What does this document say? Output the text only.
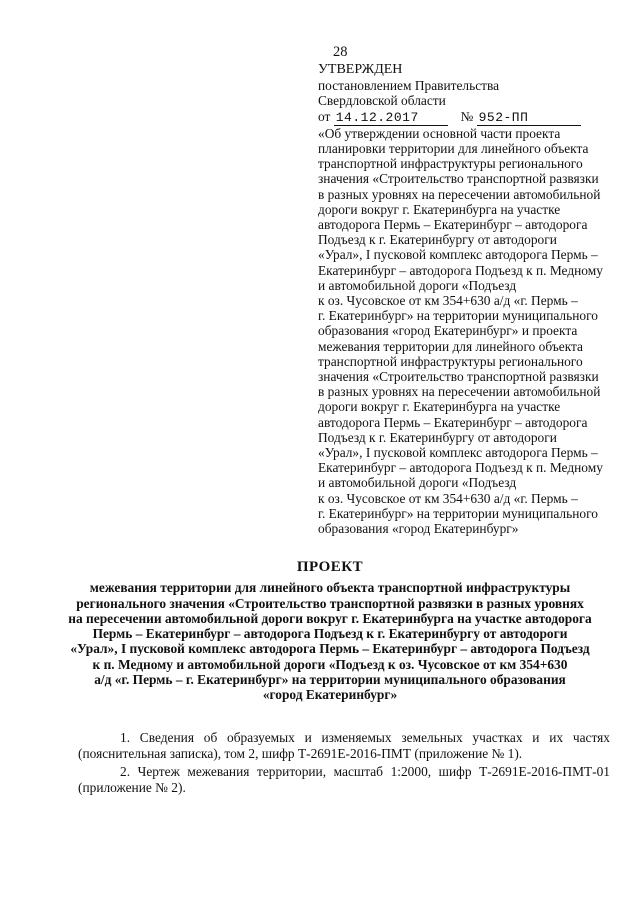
28
УТВЕРЖДЕН
постановлением Правительства
Свердловской области
от 14.12.2017	№ 952-ПП
«Об утверждении основной части проекта
планировки территории для линейного объекта
транспортной инфраструктуры регионального
значения «Строительство транспортной развязки
в разных уровнях на пересечении автомобильной
дороги вокруг г. Екатеринбурга на участке
автодорога Пермь – Екатеринбург – автодорога
Подъезд к г. Екатеринбургу от автодороги
«Урал», I пусковой комплекс автодорога Пермь –
Екатеринбург – автодорога Подъезд к п. Медному
и автомобильной дороги «Подъезд
к оз. Чусовское от км 354+630 а/д «г. Пермь –
г. Екатеринбург» на территории муниципального
образования «город Екатеринбург» и проекта
межевания территории для линейного объекта
транспортной инфраструктуры регионального
значения «Строительство транспортной развязки
в разных уровнях на пересечении автомобильной
дороги вокруг г. Екатеринбурга на участке
автодорога Пермь – Екатеринбург – автодорога
Подъезд к г. Екатеринбургу от автодороги
«Урал», I пусковой комплекс автодорога Пермь –
Екатеринбург – автодорога Подъезд к п. Медному
и автомобильной дороги «Подъезд
к оз. Чусовское от км 354+630 а/д «г. Пермь –
г. Екатеринбург» на территории муниципального
образования «город Екатеринбург»
ПРОЕКТ
межевания территории для линейного объекта транспортной инфраструктуры
регионального значения «Строительство транспортной развязки в разных уровнях
на пересечении автомобильной дороги вокруг г. Екатеринбурга на участке автодорога
Пермь – Екатеринбург – автодорога Подъезд к г. Екатеринбургу от автодороги
«Урал», I пусковой комплекс автодорога Пермь – Екатеринбург – автодорога Подъезд
к п. Медному и автомобильной дороги «Подъезд к оз. Чусовское от км 354+630
а/д «г. Пермь – г. Екатеринбург» на территории муниципального образования
«город Екатеринбург»
1. Сведения об образуемых и изменяемых земельных участках и их частях
(пояснительная записка), том 2, шифр Т-2691Е-2016-ПМТ (приложение № 1).
2. Чертеж межевания территории, масштаб 1:2000, шифр Т-2691Е-2016-ПМТ-01
(приложение № 2).
